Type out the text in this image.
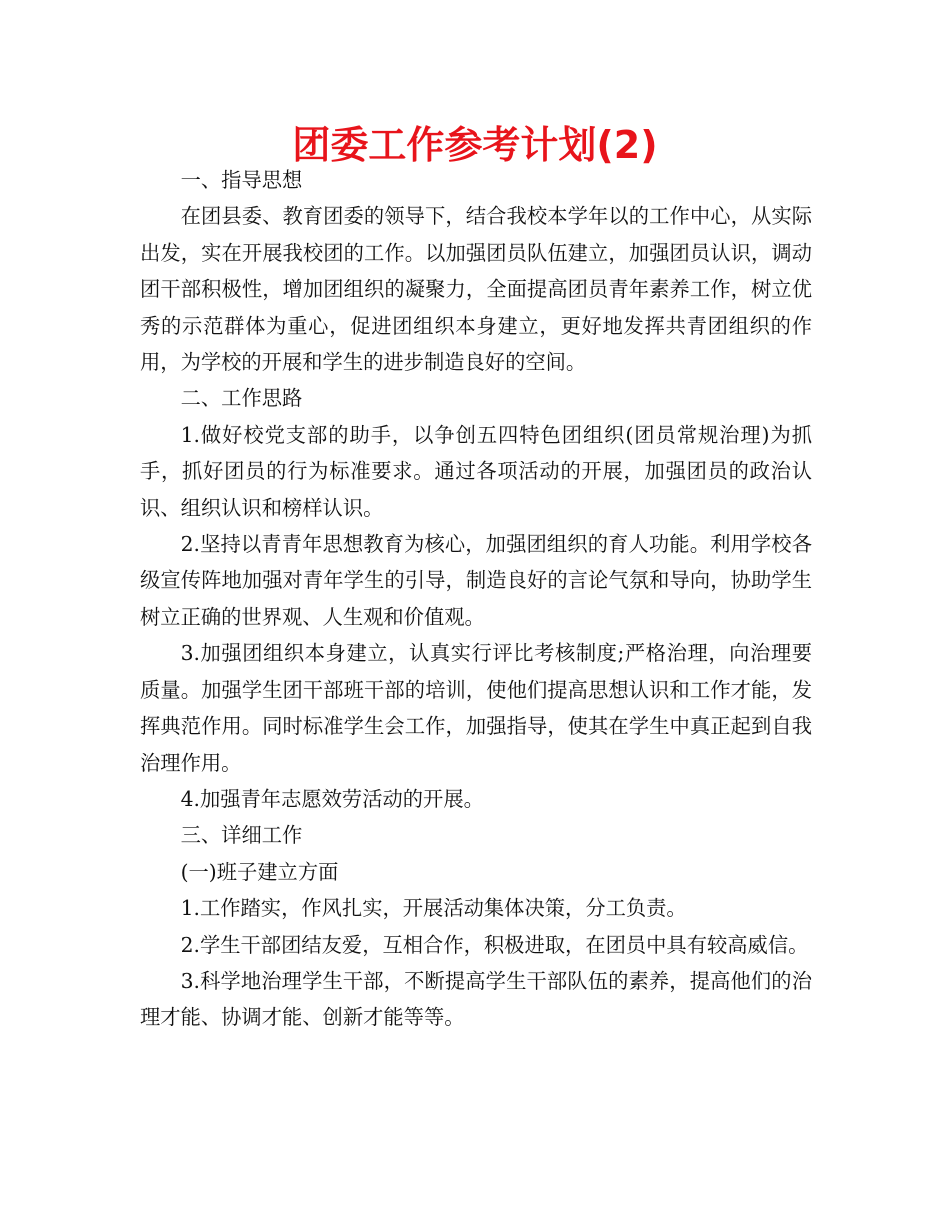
团委工作参考计划(2)

一、指导思想

在团县委、教育团委的领导下，结合我校本学年以的工作中心，从实际出发，实在开展我校团的工作。以加强团员队伍建立，加强团员认识，调动团干部积极性，增加团组织的凝聚力，全面提高团员青年素养工作，树立优秀的示范群体为重心，促进团组织本身建立，更好地发挥共青团组织的作用，为学校的开展和学生的进步制造良好的空间。

二、工作思路

1.做好校党支部的助手，以争创五四特色团组织(团员常规治理)为抓手，抓好团员的行为标准要求。通过各项活动的开展，加强团员的政治认识、组织认识和榜样认识。

2.坚持以青青年思想教育为核心，加强团组织的育人功能。利用学校各级宣传阵地加强对青年学生的引导，制造良好的言论气氛和导向，协助学生树立正确的世界观、人生观和价值观。

3.加强团组织本身建立，认真实行评比考核制度;严格治理，向治理要质量。加强学生团干部班干部的培训，使他们提高思想认识和工作才能，发挥典范作用。同时标准学生会工作，加强指导，使其在学生中真正起到自我治理作用。

4.加强青年志愿效劳活动的开展。

三、详细工作

(一)班子建立方面

1.工作踏实，作风扎实，开展活动集体决策，分工负责。

2.学生干部团结友爱，互相合作，积极进取，在团员中具有较高威信。

3.科学地治理学生干部，不断提高学生干部队伍的素养，提高他们的治理才能、协调才能、创新才能等等。
